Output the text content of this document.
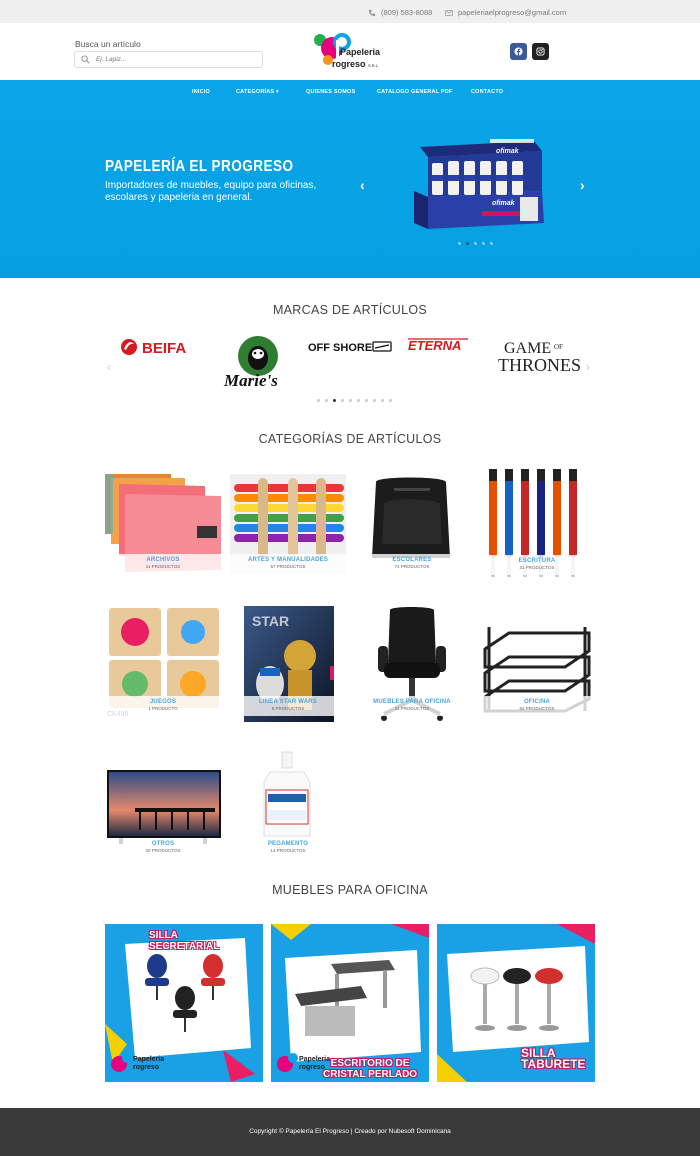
(809) 583-8088	papeleriaelprogreso@gmail.com
Busca un artículo
Ej. Lapiz...
Papeleria
rogreso S.R.L.
INICIO	CATEGORÍAS ▾	QUIENES SOMOS	CATALOGO GENERAL PDF	CONTACTO
PAPELERÍA EL PROGRESO
Importadores de muebles, equipo para oficinas, escolares y papeleria en general.
‹	›
ofimak
ofimak
MARCAS DE ARTÍCULOS
‹	›
BEIFA
Marie's
OFF SHORE	ETERNA	GAME OF
THRONES
CATEGORÍAS DE ARTÍCULOS
ARCHIVOS
11 PRODUCTOS
ARTES Y MANUALIDADES
57 PRODUCTOS
ESCOLARES
74 PRODUCTOS
ESCRITURA
31 PRODUCTOS
JUEGOS
1 PRODUCTO
STAR
LINEA STAR WARS
8 PRODUCTOS
MUEBLES PARA OFICINA
11 PRODUCTOS
OFICINA
64 PRODUCTOS
OTROS
20 PRODUCTOS
PEGAMENTO
14 PRODUCTOS
MUEBLES PARA OFICINA
SILLA
SECRETARIAL
Papeleria
rogreso	ESCRITORIO DE
CRISTAL PERLADO
Papeleria
rogreso
SILLA
TABURETE
Copyright © Papelería El Progreso | Creado por Nubesoft Dominicana
